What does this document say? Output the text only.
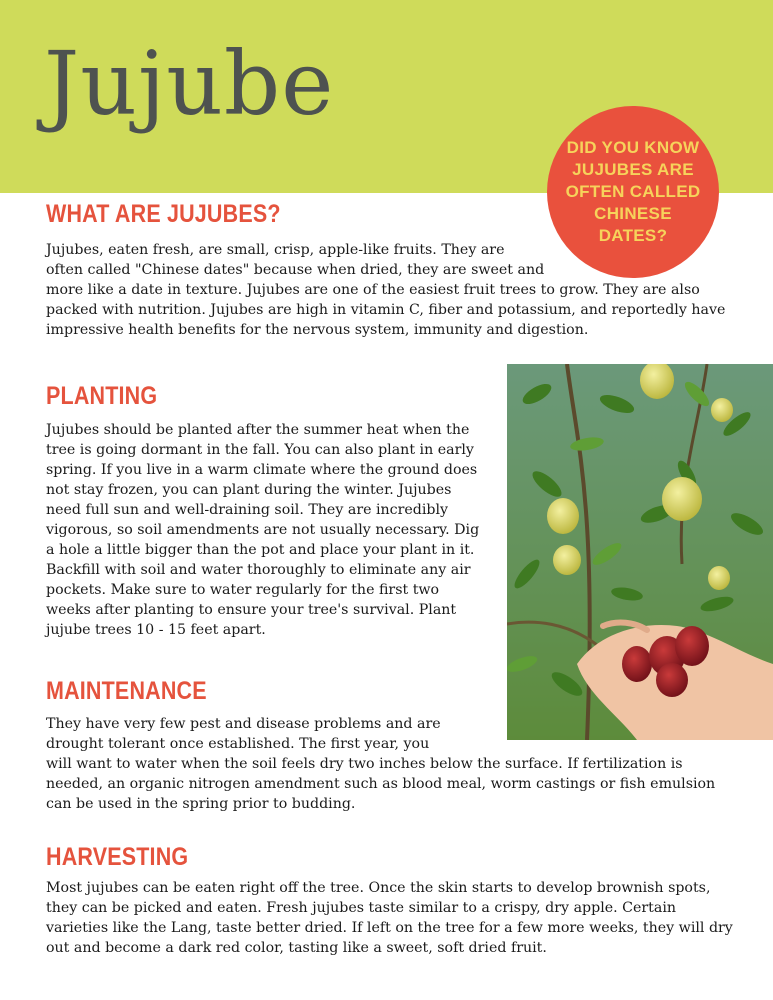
Jujube
DID YOU KNOW JUJUBES ARE OFTEN CALLED CHINESE DATES?
WHAT ARE JUJUBES?

Jujubes, eaten fresh, are small, crisp, apple-like fruits. They are
often called "Chinese dates" because when dried, they are sweet and

more like a date in texture. Jujubes are one of the easiest fruit trees to grow. They are also packed with nutrition. Jujubes are high in vitamin C, fiber and potassium, and reportedly have impressive health benefits for the nervous system, immunity and digestion.

PLANTING

Jujubes should be planted after the summer heat when the tree is going dormant in the fall. You can also plant in early spring. If you live in a warm climate where the ground does not stay frozen, you can plant during the winter. Jujubes need full sun and well-draining soil. They are incredibly vigorous, so soil amendments are not usually necessary. Dig a hole a little bigger than the pot and place your plant in it. Backfill with soil and water thoroughly to eliminate any air pockets. Make sure to water regularly for the first two weeks after planting to ensure your tree's survival. Plant jujube trees 10 - 15 feet apart.

MAINTENANCE

They have very few pest and disease problems and are
drought tolerant once established. The first year, you
will want to water when the soil feels dry two inches below the surface. If fertilization is
needed, an organic nitrogen amendment such as blood meal, worm castings or fish emulsion
can be used in the spring prior to budding.

HARVESTING

Most jujubes can be eaten right off the tree. Once the skin starts to develop brownish spots, they can be picked and eaten. Fresh jujubes taste similar to a crispy, dry apple. Certain varieties like the Lang, taste better dried. If left on the tree for a few more weeks, they will dry out and become a dark red color, tasting like a sweet, soft dried fruit.
